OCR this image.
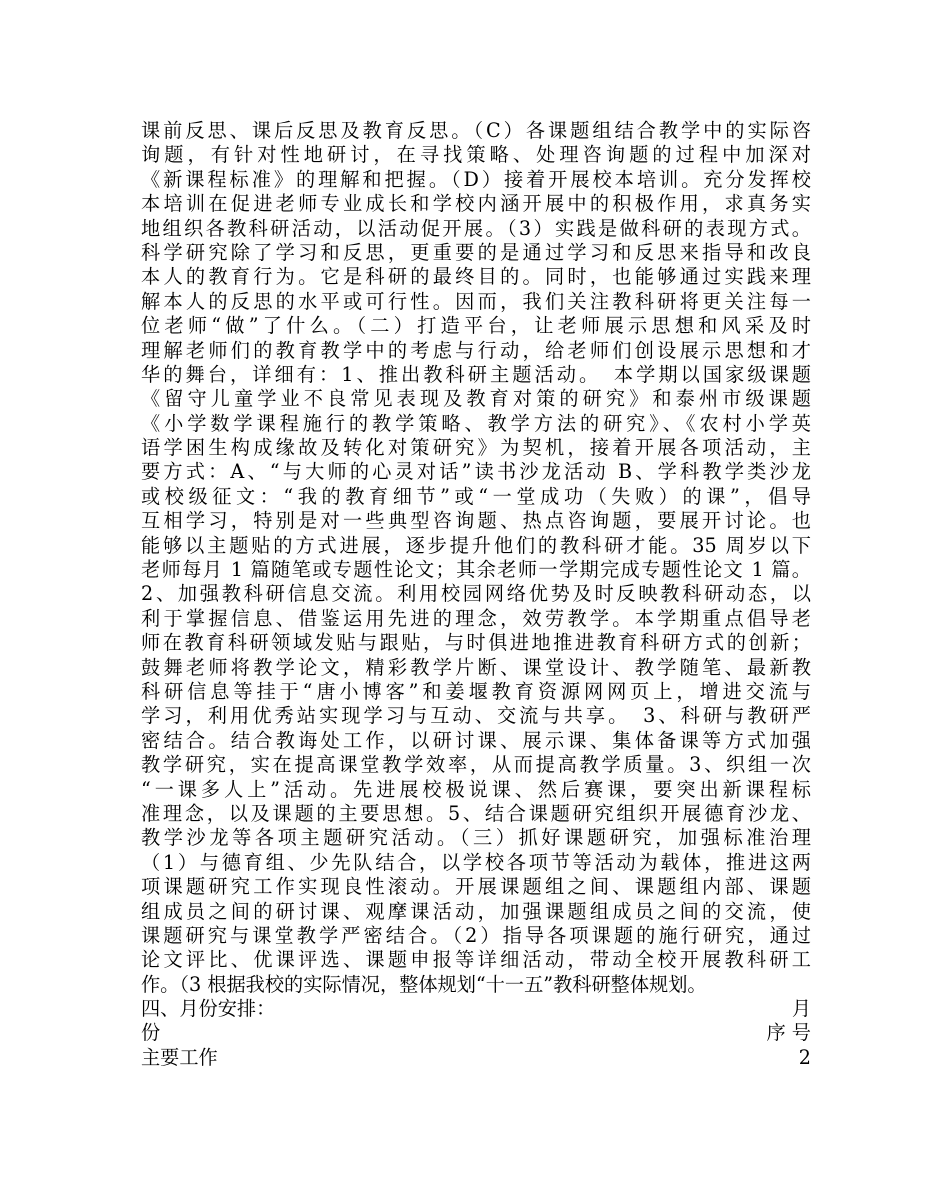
课前反思、课后反思及教育反思。（C）各课题组结合教学中的实际咨
询题，有针对性地研讨，在寻找策略、处理咨询题的过程中加深对
《新课程标准》的理解和把握。（D）接着开展校本培训。充分发挥校
本培训在促进老师专业成长和学校内涵开展中的积极作用，求真务实
地组织各教科研活动，以活动促开展。（3）实践是做科研的表现方式。
科学研究除了学习和反思，更重要的是通过学习和反思来指导和改良
本人的教育行为。它是科研的最终目的。同时，也能够通过实践来理
解本人的反思的水平或可行性。因而，我们关注教科研将更关注每一
位老师“做”了什么。（二）打造平台，让老师展示思想和风采及时
理解老师们的教育教学中的考虑与行动，给老师们创设展示思想和才
华的舞台，详细有：1、推出教科研主题活动。　本学期以国家级课题
《留守儿童学业不良常见表现及教育对策的研究》和泰州市级课题
《小学数学课程施行的教学策略、教学方法的研究》、《农村小学英
语学困生构成缘故及转化对策研究》为契机，接着开展各项活动，主
要方式：A、“与大师的心灵对话”读书沙龙活动 B、学科教学类沙龙
或校级征文：“我的教育细节”或“一堂成功（失败）的课”，倡导
互相学习，特别是对一些典型咨询题、热点咨询题，要展开讨论。也
能够以主题贴的方式进展，逐步提升他们的教科研才能。35 周岁以下
老师每月 1 篇随笔或专题性论文；其余老师一学期完成专题性论文 1 篇。
2、加强教科研信息交流。利用校园网络优势及时反映教科研动态，以
利于掌握信息、借鉴运用先进的理念，效劳教学。本学期重点倡导老
师在教育科研领域发贴与跟贴，与时俱进地推进教育科研方式的创新；
鼓舞老师将教学论文，精彩教学片断、课堂设计、教学随笔、最新教
科研信息等挂于“唐小博客”和姜堰教育资源网网页上，增进交流与
学习，利用优秀站实现学习与互动、交流与共享。　3、科研与教研严
密结合。结合教诲处工作，以研讨课、展示课、集体备课等方式加强
教学研究，实在提高课堂教学效率，从而提高教学质量。3、织组一次
“一课多人上”活动。先进展校极说课、然后赛课，要突出新课程标
准理念，以及课题的主要思想。5、结合课题研究组织开展德育沙龙、
教学沙龙等各项主题研究活动。（三）抓好课题研究，加强标准治理
（1）与德育组、少先队结合，以学校各项节等活动为载体，推进这两
项课题研究工作实现良性滚动。开展课题组之间、课题组内部、课题
组成员之间的研讨课、观摩课活动，加强课题组成员之间的交流，使
课题研究与课堂教学严密结合。（2）指导各项课题的施行研究，通过
论文评比、优课评选、课题申报等详细活动，带动全校开展教科研工
作。（3 根据我校的实际情况，整体规划“十一五”教科研整体规划。
四、月份安排：	月
份	序 号
主要工作	2
